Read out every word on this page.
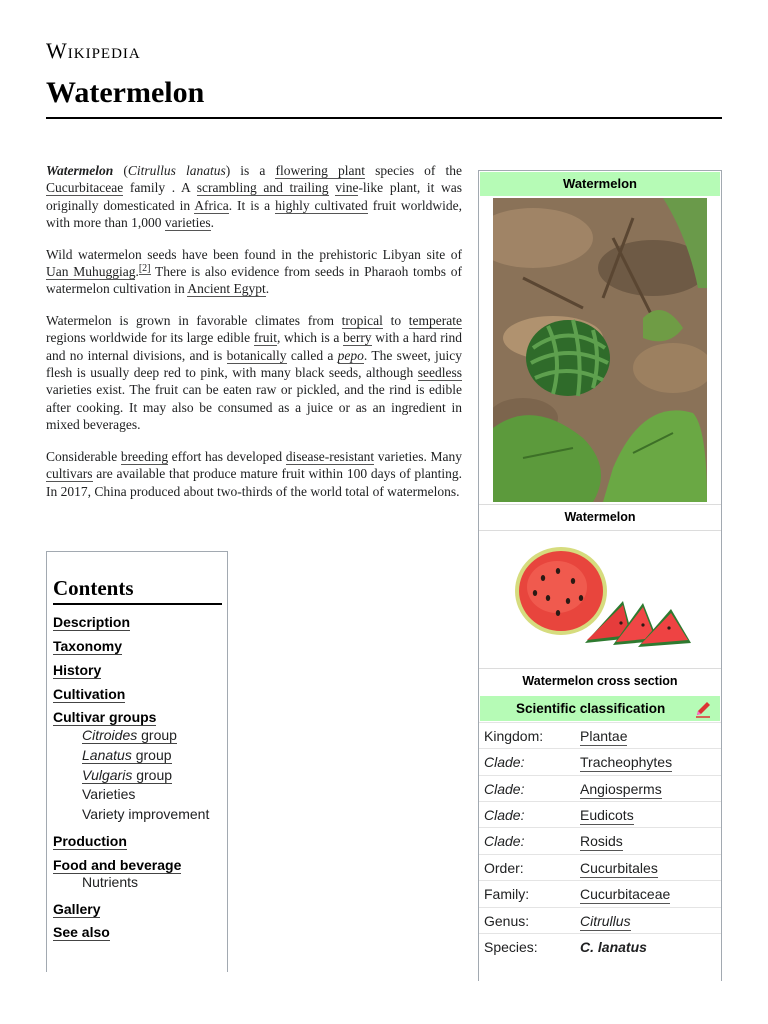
Wikipedia
Watermelon

Watermelon (Citrullus lanatus) is a flowering plant species of the Cucurbitaceae family . A scrambling and trailing vine-like plant, it was originally domesticated in Africa. It is a highly cultivated fruit worldwide, with more than 1,000 varieties.

Wild watermelon seeds have been found in the prehistoric Libyan site of Uan Muhuggiag.[2] There is also evidence from seeds in Pharaoh tombs of watermelon cultivation in Ancient Egypt.

Watermelon is grown in favorable climates from tropical to temperate regions worldwide for its large edible fruit, which is a berry with a hard rind and no internal divisions, and is botanically called a pepo. The sweet, juicy flesh is usually deep red to pink, with many black seeds, although seedless varieties exist. The fruit can be eaten raw or pickled, and the rind is edible after cooking. It may also be consumed as a juice or as an ingredient in mixed beverages.

Considerable breeding effort has developed disease-resistant varieties. Many cultivars are available that produce mature fruit within 100 days of planting. In 2017, China produced about two-thirds of the world total of watermelons.

Contents
Description
Taxonomy
History
Cultivation
Cultivar groups
Citroides group
Lanatus group
Vulgaris group
Varieties
Variety improvement
Production
Food and beverage
Nutrients
Gallery
See also
Watermelon
Watermelon
Watermelon cross section
Scientific classification
Kingdom:	Plantae
Clade:	Tracheophytes
Clade:	Angiosperms
Clade:	Eudicots
Clade:	Rosids
Order:	Cucurbitales
Family:	Cucurbitaceae
Genus:	Citrullus
Species:	C. lanatus
